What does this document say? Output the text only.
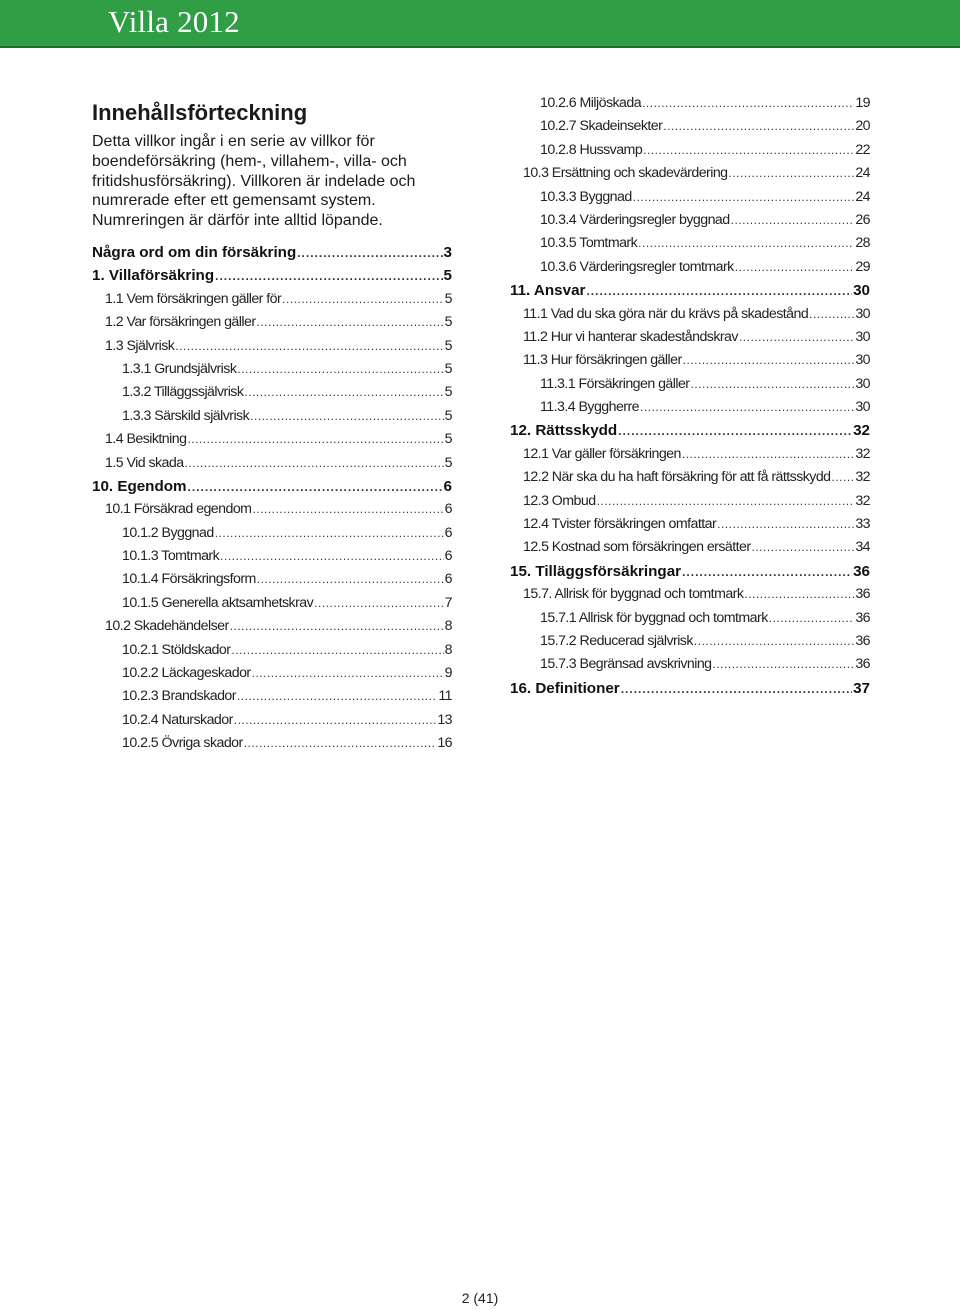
Villa 2012
Innehållsförteckning

Detta villkor ingår i en serie av villkor för boendeförsäkring (hem-, villahem-, villa- och fritidshusförsäkring). Villkoren är indelade och numrerade efter ett gemensamt system. Numreringen är därför inte alltid löpande.

Några ord om din försäkring .....	3
1. Villaförsäkring .....	5
1.1 Vem försäkringen gäller för .....	5
1.2 Var försäkringen gäller .....	5
1.3 Självrisk .....	5
1.3.1 Grundsjälvrisk .....	5
1.3.2 Tilläggssjälvrisk .....	5
1.3.3 Särskild självrisk .....	5
1.4 Besiktning .....	5
1.5 Vid skada .....	5
10. Egendom .....	6
10.1 Försäkrad egendom .....	6
10.1.2 Byggnad .....	6
10.1.3 Tomtmark .....	6
10.1.4 Försäkringsform .....	6
10.1.5 Generella aktsamhetskrav .....	7
10.2 Skadehändelser .....	8
10.2.1 Stöldskador .....	8
10.2.2 Läckageskador .....	9
10.2.3 Brandskador .....	11
10.2.4 Naturskador .....	13
10.2.5 Övriga skador .....	16
10.2.6 Miljöskada .....	19
10.2.7 Skadeinsekter .....	20
10.2.8 Hussvamp .....	22
10.3 Ersättning och skadevärdering .....	24
10.3.3 Byggnad .....	24
10.3.4 Värderingsregler byggnad .....	26
10.3.5 Tomtmark .....	28
10.3.6 Värderingsregler tomtmark .....	29
11. Ansvar .....	30
11.1 Vad du ska göra när du krävs på skadestånd .....	30
11.2 Hur vi hanterar skadeståndskrav .....	30
11.3 Hur försäkringen gäller .....	30
11.3.1 Försäkringen gäller .....	30
11.3.4 Byggherre .....	30
12. Rättsskydd .....	32
12.1 Var gäller försäkringen .....	32
12.2 När ska du ha haft försäkring för att få rättsskydd ..... 32
12.3 Ombud .....	32
12.4 Tvister försäkringen omfattar .....	33
12.5 Kostnad som försäkringen ersätter .....	34
15. Tilläggsförsäkringar .....	36
15.7. Allrisk för byggnad och tomtmark .....	36
15.7.1 Allrisk för byggnad och tomtmark .....	36
15.7.2 Reducerad självrisk .....	36
15.7.3 Begränsad avskrivning .....	36
16. Definitioner .....	37
2 (41)
